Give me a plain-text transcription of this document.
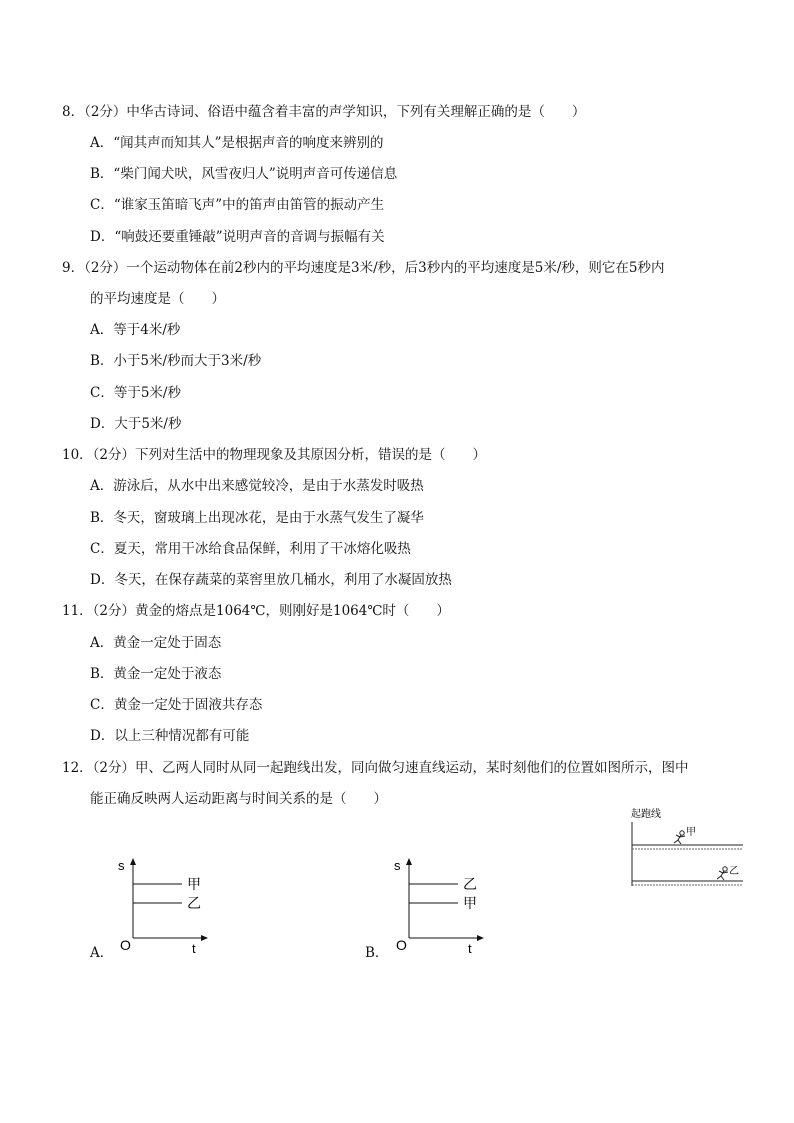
8．（2分）中华古诗词、俗语中蕴含着丰富的声学知识，下列有关理解正确的是（　　）
A．“闻其声而知其人”是根据声音的响度来辨别的
B．“柴门闻犬吠，风雪夜归人”说明声音可传递信息
C．“谁家玉笛暗飞声”中的笛声由笛管的振动产生
D．“响鼓还要重锤敲”说明声音的音调与振幅有关
9．（2分）一个运动物体在前2秒内的平均速度是3米/秒，后3秒内的平均速度是5米/秒，则它在5秒内
的平均速度是（　　）
A．等于4米/秒
B．小于5米/秒而大于3米/秒
C．等于5米/秒
D．大于5米/秒
10．（2分）下列对生活中的物理现象及其原因分析，错误的是（　　）
A．游泳后，从水中出来感觉较冷，是由于水蒸发时吸热
B．冬天，窗玻璃上出现冰花，是由于水蒸气发生了凝华
C．夏天，常用干冰给食品保鲜，利用了干冰熔化吸热
D．冬天，在保存蔬菜的菜窖里放几桶水，利用了水凝固放热
11．（2分）黄金的熔点是1064℃，则刚好是1064℃时（　　）
A．黄金一定处于固态
B．黄金一定处于液态
C．黄金一定处于固液共存态
D．以上三种情况都有可能
12．（2分）甲、乙两人同时从同一起跑线出发，同向做匀速直线运动，某时刻他们的位置如图所示，图中
能正确反映两人运动距离与时间关系的是（　　）
起跑线
甲
乙
s
t
O
甲
乙
A．
s
t
O
乙
甲
B．
